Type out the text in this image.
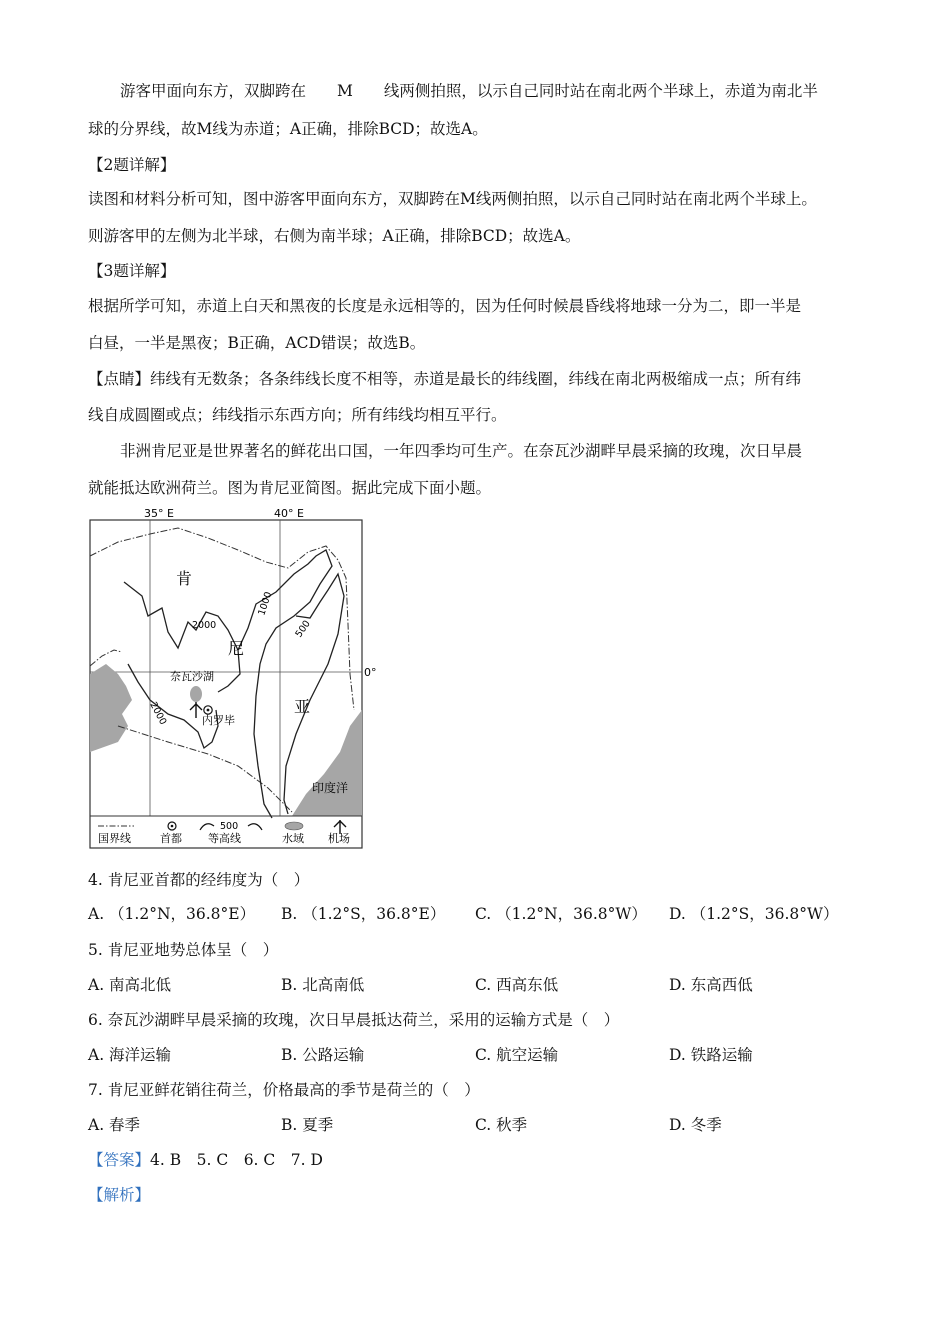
游客甲面向东方，双脚跨在　　M　　线两侧拍照，以示自己同时站在南北两个半球上，赤道为南北半
球的分界线，故M线为赤道；A正确，排除BCD；故选A。
【2题详解】
读图和材料分析可知，图中游客甲面向东方，双脚跨在M线两侧拍照，以示自己同时站在南北两个半球上。
则游客甲的左侧为北半球，右侧为南半球；A正确，排除BCD；故选A。
【3题详解】
根据所学可知，赤道上白天和黑夜的长度是永远相等的，因为任何时候晨昏线将地球一分为二，即一半是
白昼，一半是黑夜；B正确，ACD错误；故选B。
【点睛】纬线有无数条；各条纬线长度不相等，赤道是最长的纬线圈，纬线在南北两极缩成一点；所有纬
线自成圆圈或点；纬线指示东西方向；所有纬线均相互平行。
非洲肯尼亚是世界著名的鲜花出口国，一年四季均可生产。在奈瓦沙湖畔早晨采摘的玫瑰，次日早晨
就能抵达欧洲荷兰。图为肯尼亚简图。据此完成下面小题。
35° E	40° E
0°
2000
1000
500
2000
肯
尼
亚
奈瓦沙湖
内罗毕
印度洋
国界线	首都
500
等高线	水域 机场
4. 肯尼亚首都的经纬度为（　）
A. （1.2°N，36.8°E） B. （1.2°S，36.8°E） C. （1.2°N，36.8°W） D. （1.2°S，36.8°W）
5. 肯尼亚地势总体呈（　）
A. 南高北低	B. 北高南低	C. 西高东低	D. 东高西低
6. 奈瓦沙湖畔早晨采摘的玫瑰，次日早晨抵达荷兰，采用的运输方式是（　）
A. 海洋运输	B. 公路运输	C. 航空运输	D. 铁路运输
7. 肯尼亚鲜花销往荷兰，价格最高的季节是荷兰的（　）
A. 春季	B. 夏季	C. 秋季	D. 冬季
【答案】4. B　5. C　6. C　7. D
【解析】
